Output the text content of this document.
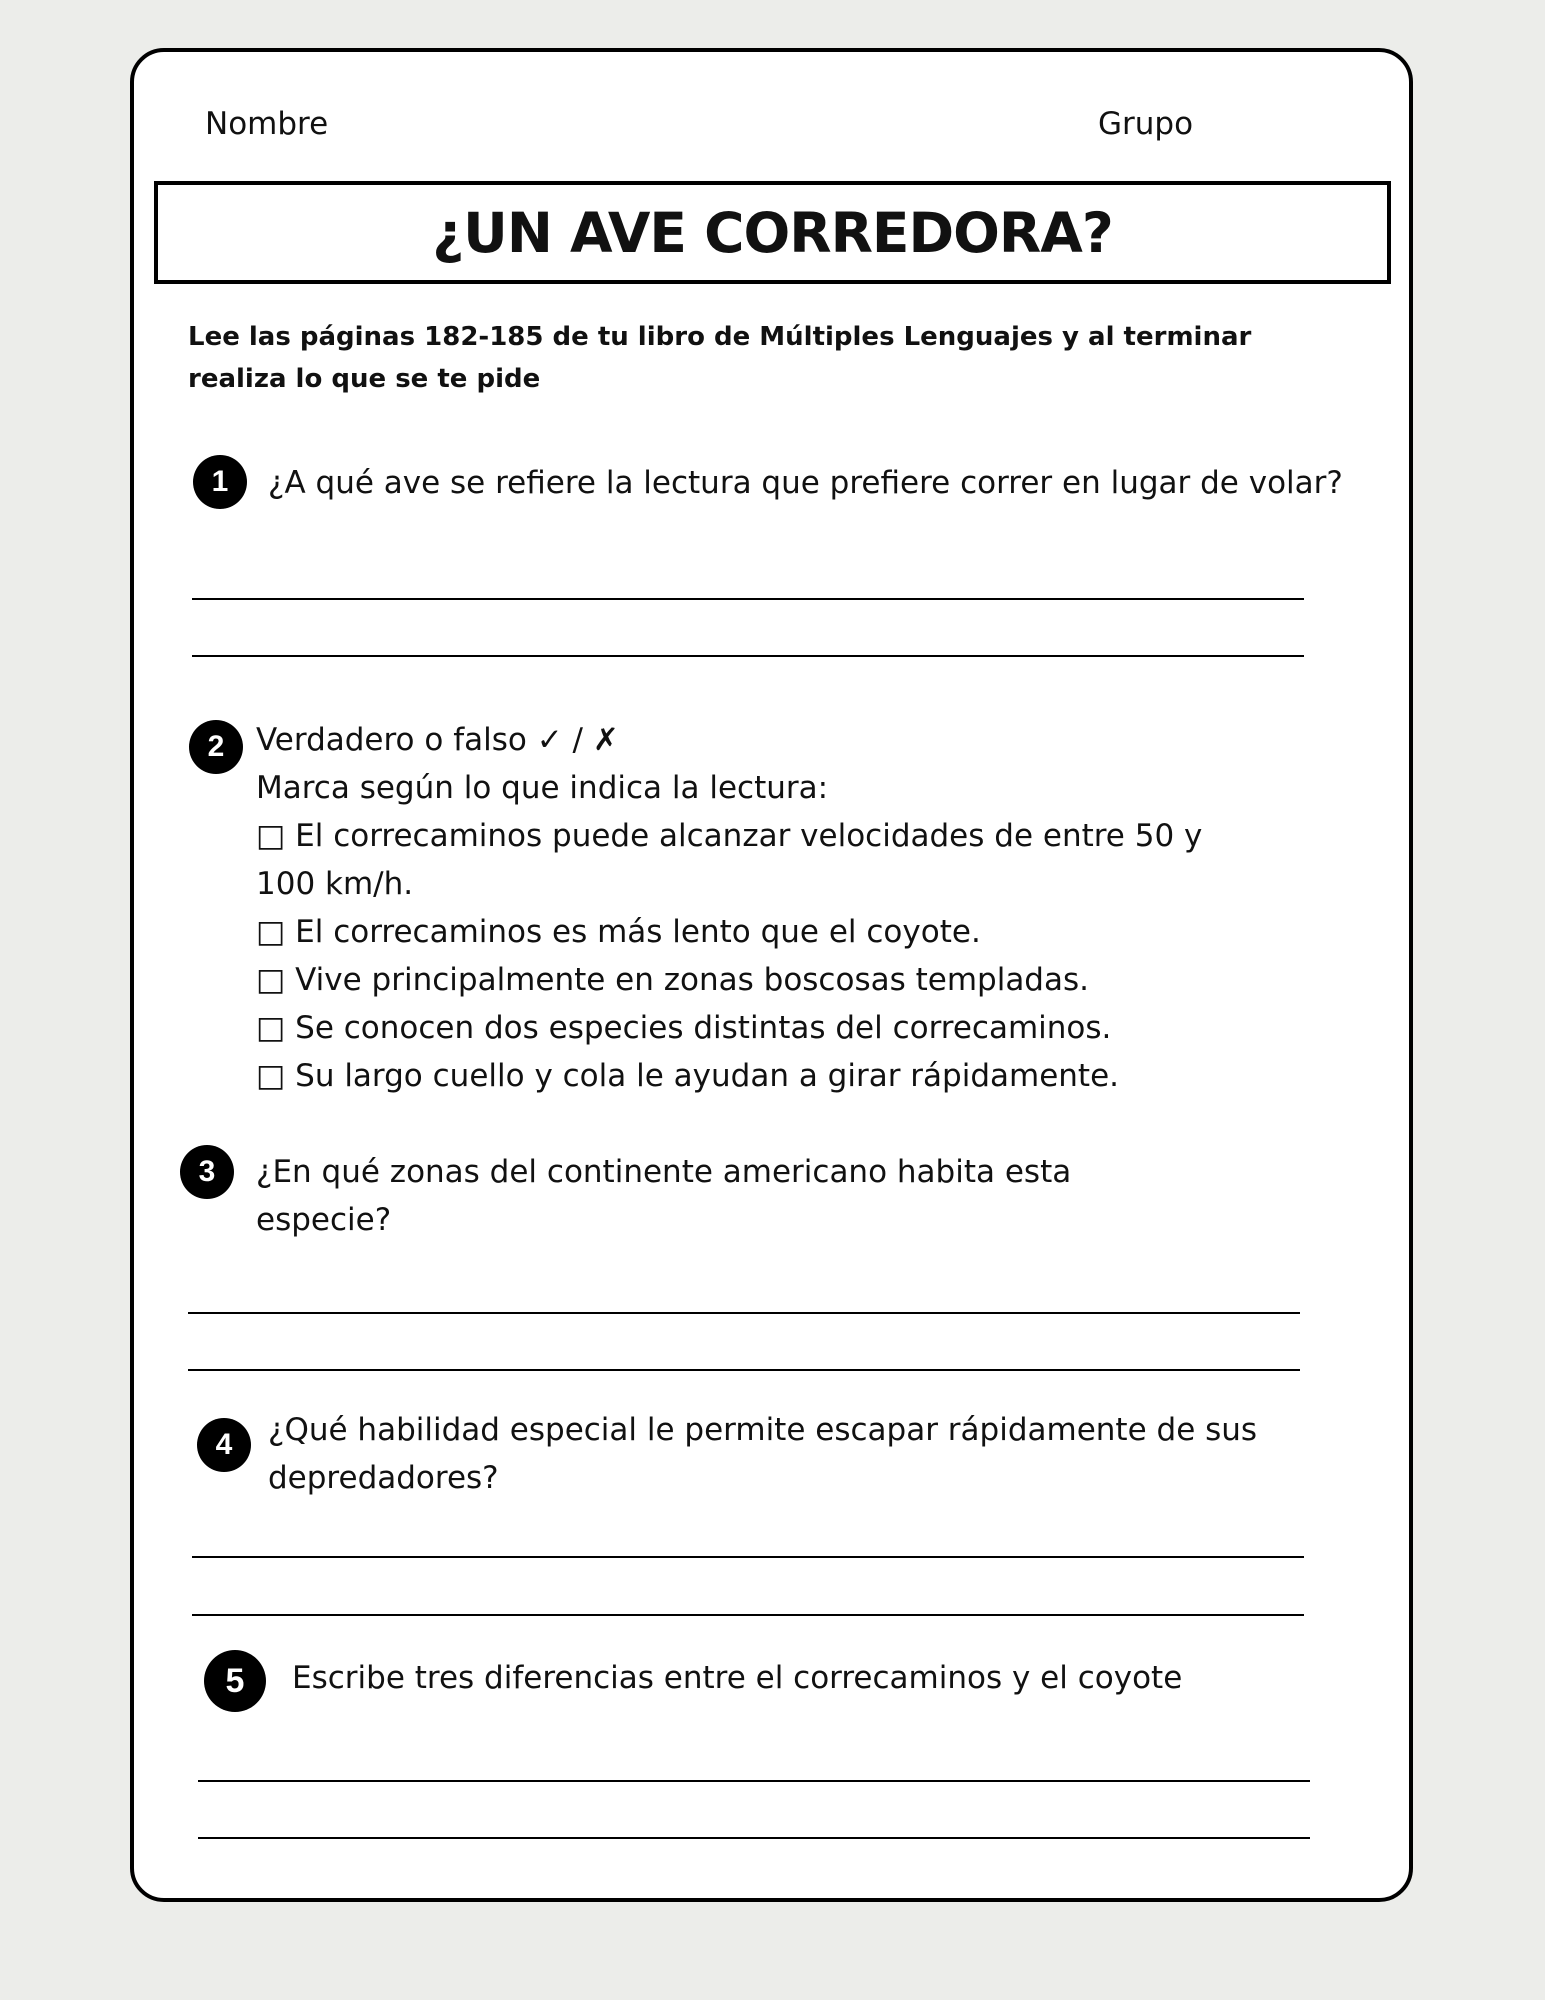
Nombre	Grupo
¿UN AVE CORREDORA?
Lee las páginas 182-185 de tu libro de Múltiples Lenguajes y al terminar realiza lo que se te pide
1	¿A qué ave se refiere la lectura que prefiere correr en lugar de volar?
2	Verdadero o falso ✓ / ✗
Marca según lo que indica la lectura:
□ El correcaminos puede alcanzar velocidades de entre 50 y 100 km/h.
□ El correcaminos es más lento que el coyote.
□ Vive principalmente en zonas boscosas templadas.
□ Se conocen dos especies distintas del correcaminos.
□ Su largo cuello y cola le ayudan a girar rápidamente.
3	¿En qué zonas del continente americano habita esta especie?
4	¿Qué habilidad especial le permite escapar rápidamente de sus depredadores?
5	Escribe tres diferencias entre el correcaminos y el coyote
